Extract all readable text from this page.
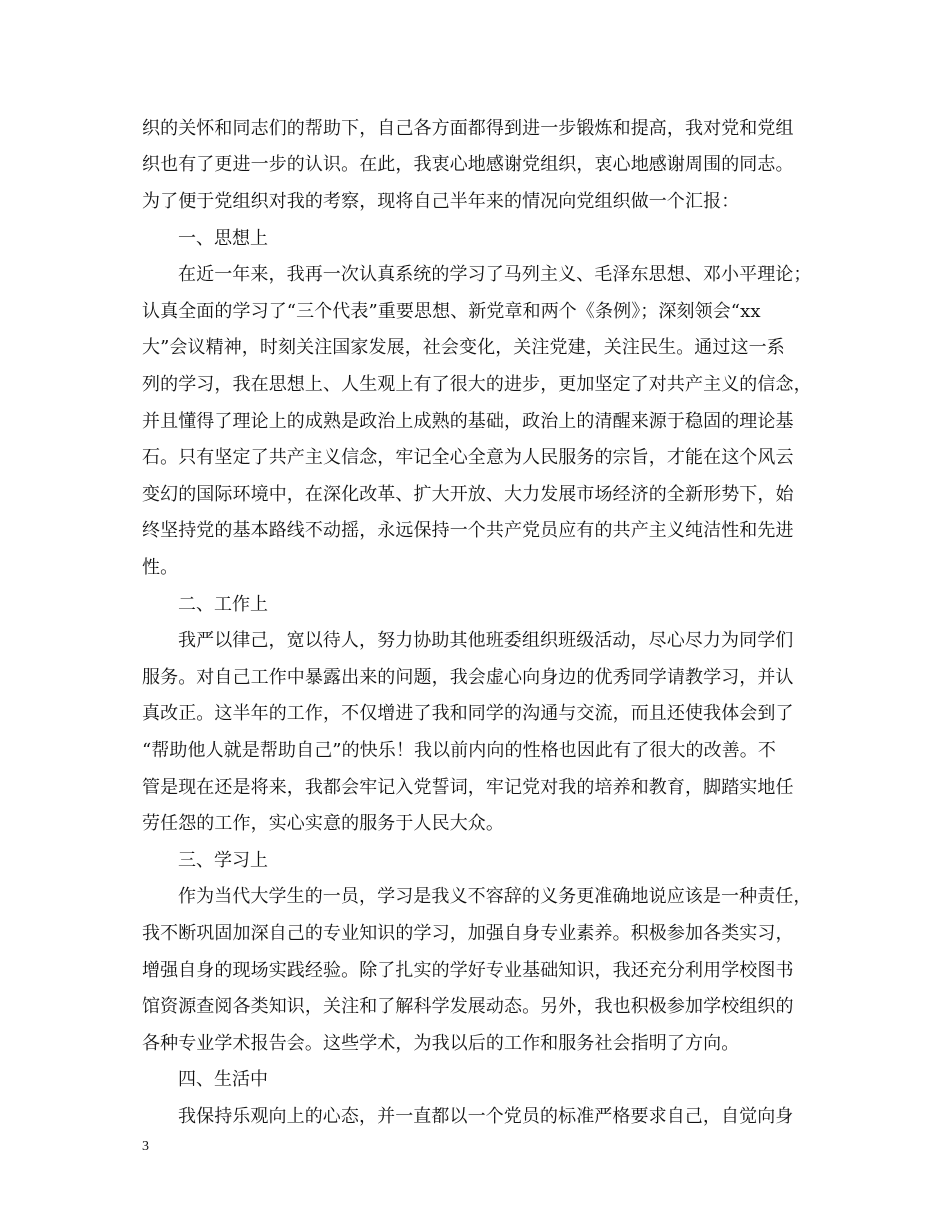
织的关怀和同志们的帮助下，自己各方面都得到进一步锻炼和提高，我对党和党组
织也有了更进一步的认识。在此，我衷心地感谢党组织，衷心地感谢周围的同志。
为了便于党组织对我的考察，现将自己半年来的情况向党组织做一个汇报：
一、思想上
在近一年来，我再一次认真系统的学习了马列主义、毛泽东思想、邓小平理论；
认真全面的学习了“三个代表”重要思想、新党章和两个《条例》；深刻领会“xx
大”会议精神，时刻关注国家发展，社会变化，关注党建，关注民生。通过这一系
列的学习，我在思想上、人生观上有了很大的进步，更加坚定了对共产主义的信念，
并且懂得了理论上的成熟是政治上成熟的基础，政治上的清醒来源于稳固的理论基
石。只有坚定了共产主义信念，牢记全心全意为人民服务的宗旨，才能在这个风云
变幻的国际环境中，在深化改革、扩大开放、大力发展市场经济的全新形势下，始
终坚持党的基本路线不动摇，永远保持一个共产党员应有的共产主义纯洁性和先进
性。
二、工作上
我严以律己，宽以待人，努力协助其他班委组织班级活动，尽心尽力为同学们
服务。对自己工作中暴露出来的问题，我会虚心向身边的优秀同学请教学习，并认
真改正。这半年的工作，不仅增进了我和同学的沟通与交流，而且还使我体会到了
“帮助他人就是帮助自己”的快乐！我以前内向的性格也因此有了很大的改善。不
管是现在还是将来，我都会牢记入党誓词，牢记党对我的培养和教育，脚踏实地任
劳任怨的工作，实心实意的服务于人民大众。
三、学习上
作为当代大学生的一员，学习是我义不容辞的义务更准确地说应该是一种责任，
我不断巩固加深自己的专业知识的学习，加强自身专业素养。积极参加各类实习，
增强自身的现场实践经验。除了扎实的学好专业基础知识，我还充分利用学校图书
馆资源查阅各类知识，关注和了解科学发展动态。另外，我也积极参加学校组织的
各种专业学术报告会。这些学术，为我以后的工作和服务社会指明了方向。
四、生活中
我保持乐观向上的心态，并一直都以一个党员的标准严格要求自己，自觉向身
3
